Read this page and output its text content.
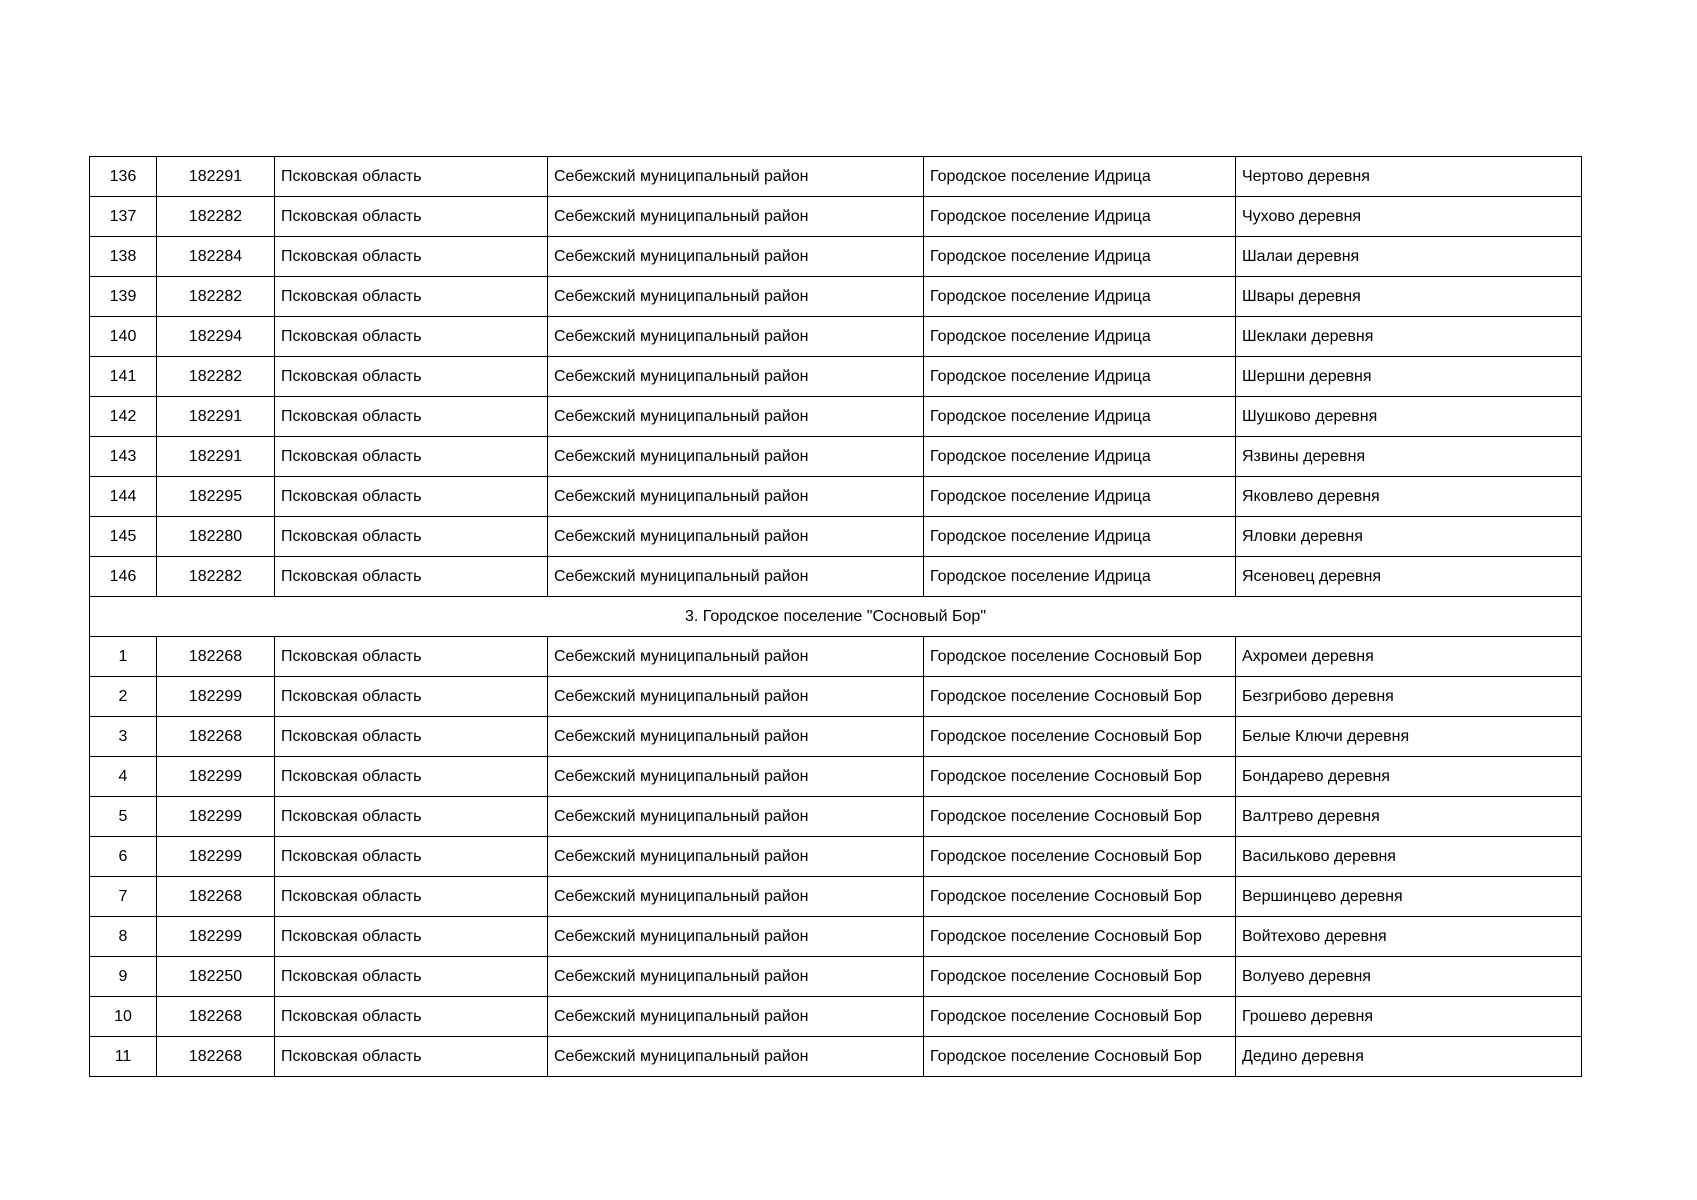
136	182291	Псковская область	Себежский муниципальный район	Городское поселение Идрица	Чертово деревня
137	182282	Псковская область	Себежский муниципальный район	Городское поселение Идрица	Чухово деревня
138	182284	Псковская область	Себежский муниципальный район	Городское поселение Идрица	Шалаи деревня
139	182282	Псковская область	Себежский муниципальный район	Городское поселение Идрица	Швары деревня
140	182294	Псковская область	Себежский муниципальный район	Городское поселение Идрица	Шеклаки деревня
141	182282	Псковская область	Себежский муниципальный район	Городское поселение Идрица	Шершни деревня
142	182291	Псковская область	Себежский муниципальный район	Городское поселение Идрица	Шушково деревня
143	182291	Псковская область	Себежский муниципальный район	Городское поселение Идрица	Язвины деревня
144	182295	Псковская область	Себежский муниципальный район	Городское поселение Идрица	Яковлево деревня
145	182280	Псковская область	Себежский муниципальный район	Городское поселение Идрица	Яловки деревня
146	182282	Псковская область	Себежский муниципальный район	Городское поселение Идрица	Ясеновец деревня
3. Городское поселение "Сосновый Бор"					
1	182268	Псковская область	Себежский муниципальный район	Городское поселение Сосновый Бор	Ахромеи деревня
2	182299	Псковская область	Себежский муниципальный район	Городское поселение Сосновый Бор	Безгрибово деревня
3	182268	Псковская область	Себежский муниципальный район	Городское поселение Сосновый Бор	Белые Ключи деревня
4	182299	Псковская область	Себежский муниципальный район	Городское поселение Сосновый Бор	Бондарево деревня
5	182299	Псковская область	Себежский муниципальный район	Городское поселение Сосновый Бор	Валтрево деревня
6	182299	Псковская область	Себежский муниципальный район	Городское поселение Сосновый Бор	Васильково деревня
7	182268	Псковская область	Себежский муниципальный район	Городское поселение Сосновый Бор	Вершинцево деревня
8	182299	Псковская область	Себежский муниципальный район	Городское поселение Сосновый Бор	Войтехово деревня
9	182250	Псковская область	Себежский муниципальный район	Городское поселение Сосновый Бор	Волуево деревня
10	182268	Псковская область	Себежский муниципальный район	Городское поселение Сосновый Бор	Грошево деревня
11	182268	Псковская область	Себежский муниципальный район	Городское поселение Сосновый Бор	Дедино деревня
